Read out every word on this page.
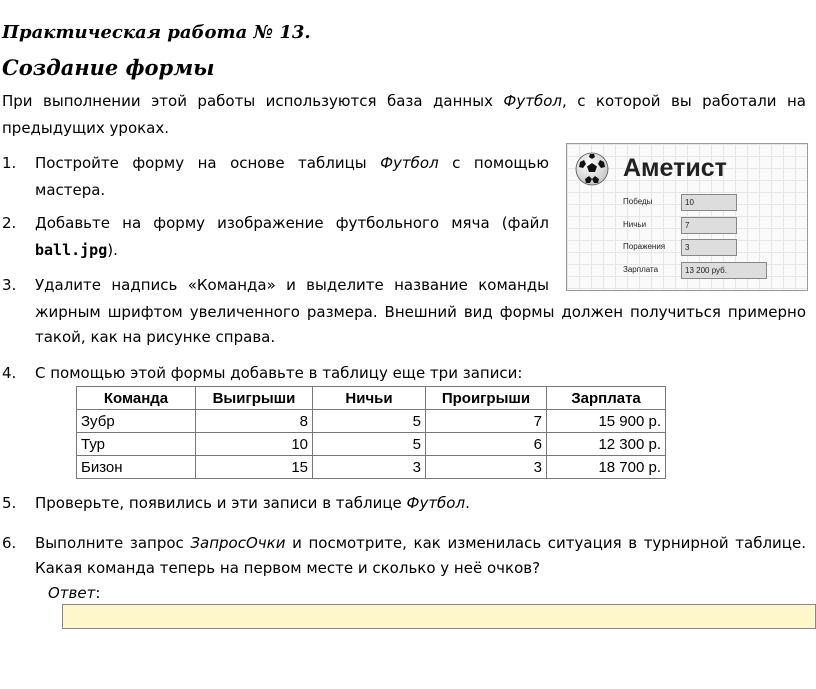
Практическая работа № 13.
Создание формы
При выполнении этой работы используются база данных Футбол, с которой вы работали на
предыдущих уроках.
1. Постройте форму на основе таблицы Футбол с помощью
мастера.
2. Добавьте на форму изображение футбольного мяча (файл
ball.jpg).
3. Удалите надпись «Команда» и выделите название команды
жирным шрифтом увеличенного размера. Внешний вид формы должен получиться примерно
такой, как на рисунке справа.
Аметист
Победы	10
Ничьи	7
Поражения	3
Зарплата	13 200 руб.
4. С помощью этой формы добавьте в таблицу еще три записи:
Команда	Выигрыши	Ничьи	Проигрыши	Зарплата
Зубр	8	5	7	15 900 р.
Тур	10	5	6	12 300 р.
Бизон	15	3	3	18 700 р.
5. Проверьте, появились и эти записи в таблице Футбол.
6. Выполните запрос ЗапросОчки и посмотрите, как изменилась ситуация в турнирной таблице.
Какая команда теперь на первом месте и сколько у неё очков?
Ответ:
